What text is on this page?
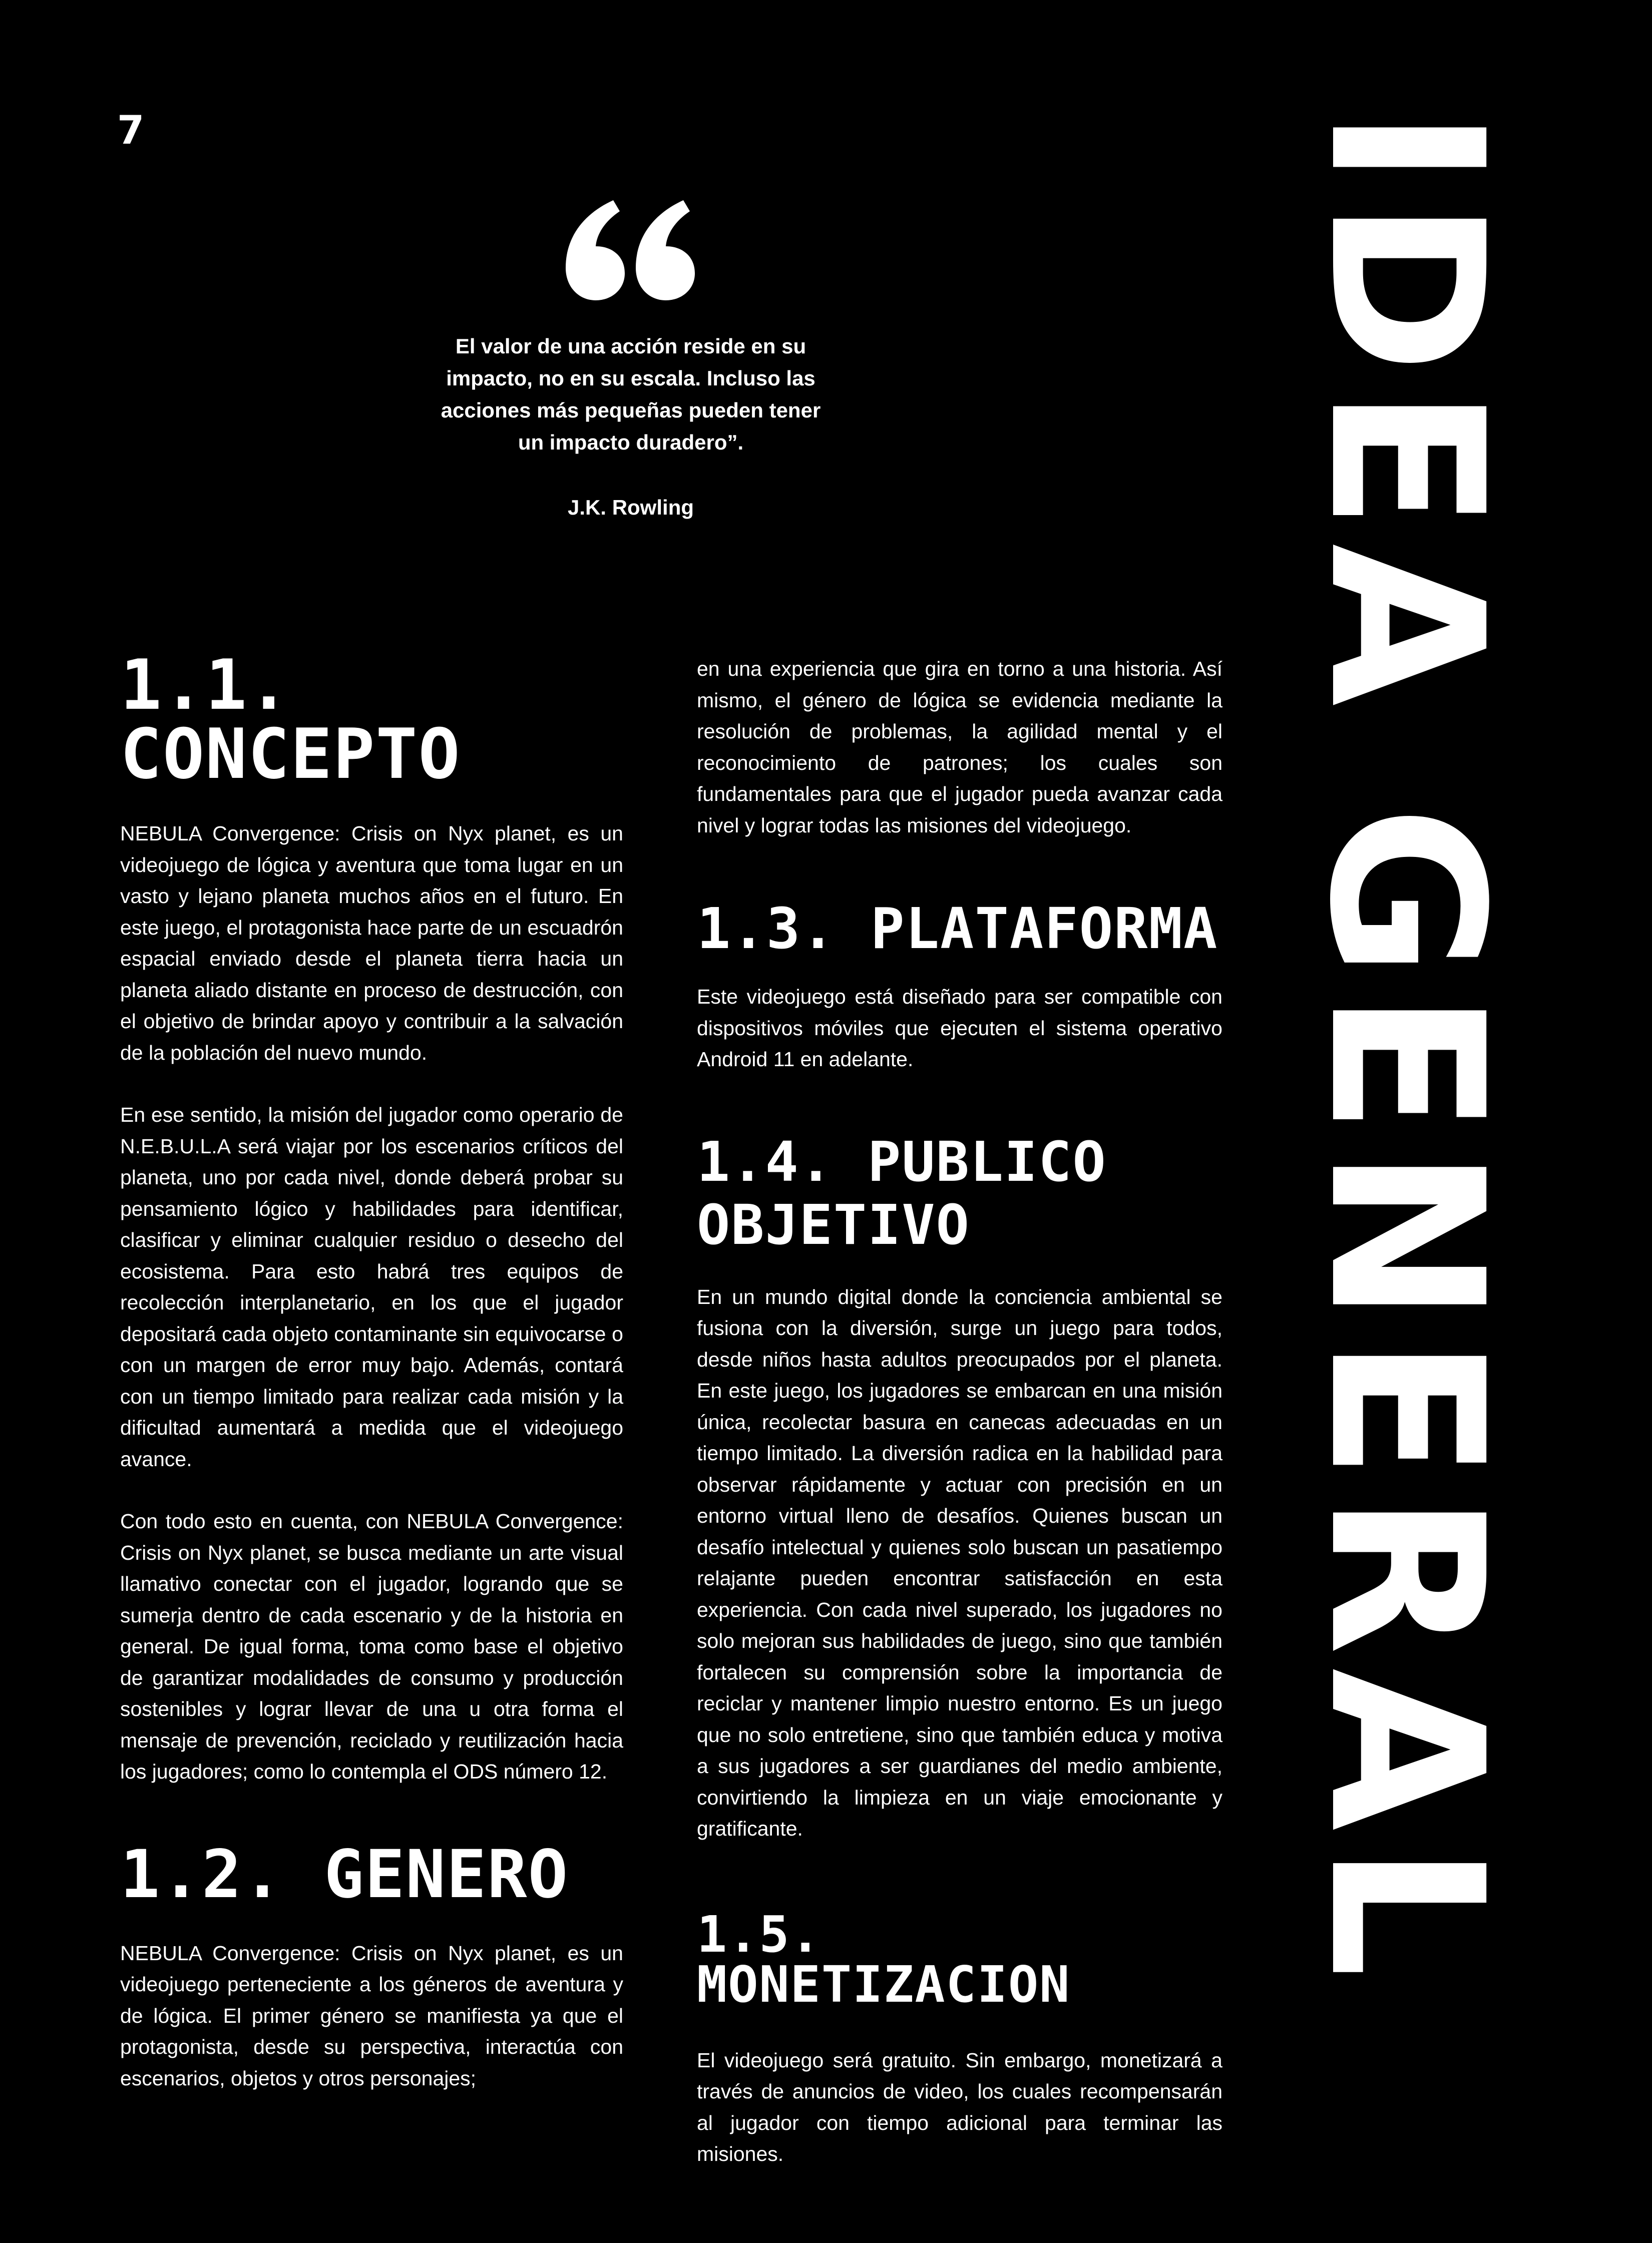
7

El valor de una acción reside en su impacto, no en su escala. Incluso las acciones más pequeñas pueden tener un impacto duradero”.

J.K. Rowling

1.1. CONCEPTO

NEBULA Convergence: Crisis on Nyx planet, es un videojuego de lógica y aventura que toma lugar en un vasto y lejano planeta muchos años en el futuro. En este juego, el protagonista hace parte de un escuadrón espacial enviado desde el planeta tierra hacia un planeta aliado distante en proceso de destrucción, con el objetivo de brindar apoyo y contribuir a la salvación de la población del nuevo mundo.

En ese sentido, la misión del jugador como operario de N.E.B.U.L.A será viajar por los escenarios críticos del planeta, uno por cada nivel, donde deberá probar su pensamiento lógico y habilidades para identificar, clasificar y eliminar cualquier residuo o desecho del ecosistema. Para esto habrá tres equipos de recolección interplanetario, en los que el jugador depositará cada objeto contaminante sin equivocarse o con un margen de error muy bajo. Además, contará con un tiempo limitado para realizar cada misión y la dificultad aumentará a medida que el videojuego avance.

Con todo esto en cuenta, con NEBULA Convergence: Crisis on Nyx planet, se busca mediante un arte visual llamativo conectar con el jugador, logrando que se sumerja dentro de cada escenario y de la historia en general. De igual forma, toma como base el objetivo de garantizar modalidades de consumo y producción sostenibles y lograr llevar de una u otra forma el mensaje de prevención, reciclado y reutilización hacia los jugadores; como lo contempla el ODS número 12.

1.2. GENERO

NEBULA Convergence: Crisis on Nyx planet, es un videojuego perteneciente a los géneros de aventura y de lógica. El primer género se manifiesta ya que el protagonista, desde su perspectiva, interactúa con escenarios, objetos y otros personajes;

en una experiencia que gira en torno a una historia. Así mismo, el género de lógica se evidencia mediante la resolución de problemas, la agilidad mental y el reconocimiento de patrones; los cuales son fundamentales para que el jugador pueda avanzar cada nivel y lograr todas las misiones del videojuego.

1.3. PLATAFORMA

Este videojuego está diseñado para ser compatible con dispositivos móviles que ejecuten el sistema operativo Android 11 en adelante.

1.4. PUBLICO OBJETIVO

En un mundo digital donde la conciencia ambiental se fusiona con la diversión, surge un juego para todos, desde niños hasta adultos preocupados por el planeta. En este juego, los jugadores se embarcan en una misión única, recolectar basura en canecas adecuadas en un tiempo limitado. La diversión radica en la habilidad para observar rápidamente y actuar con precisión en un entorno virtual lleno de desafíos. Quienes buscan un desafío intelectual y quienes solo buscan un pasatiempo relajante pueden encontrar satisfacción en esta experiencia. Con cada nivel superado, los jugadores no solo mejoran sus habilidades de juego, sino que también fortalecen su comprensión sobre la importancia de reciclar y mantener limpio nuestro entorno. Es un juego que no solo entretiene, sino que también educa y motiva a sus jugadores a ser guardianes del medio ambiente, convirtiendo la limpieza en un viaje emocionante y gratificante.

1.5. MONETIZACION

El videojuego será gratuito. Sin embargo, monetizará a través de anuncios de video, los cuales recompensarán al jugador con tiempo adicional para terminar las misiones.

IDEA GENERAL
